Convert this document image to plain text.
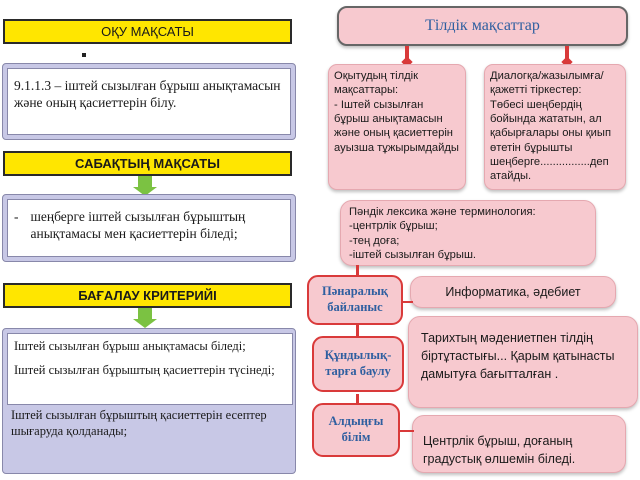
ОҚУ МАҚСАТЫ
9.1.1.3 – іштей сызылған бұрыш анықтамасын және оның қасиеттерін білу.
САБАҚТЫҢ МАҚСАТЫ
- шеңберге іштей сызылған бұрыштың анықтамасы мен қасиеттерін біледі;
БАҒАЛАУ КРИТЕРИЙІ
Іштей сызылған бұрыш анықтамасы біледі;
Іштей сызылған бұрыштың қасиеттерін түсінеді;
Іштей сызылған бұрыштың қасиеттерін есептер шығаруда қолданады;
Тілдік мақсаттар
Оқытудың тілдік мақсаттары:
- Іштей сызылған бұрыш анықтамасын және оның қасиеттерін ауызша тұжырымдайды
Диалогқа/жазылымға/
қажетті тіркестер:
Төбесі шеңбердің бойында жататын, ал қабырғалары оны қиып өтетін бұрышты шеңберге................деп атайды.
Пәндік лексика және терминология:
-центрлік бұрыш;
-тең доға;
-іштей сызылған бұрыш.
Пәнаралық байланыс
Информатика, әдебиет
Тарихтың мәдениетпен тілдің біртұтастығы... Қарым қатынасты дамытуға бағытталған .
Құндылық-тарға баулу
Алдыңғы білім	Центрлік бұрыш, доғаның градустық өлшемін біледі.
